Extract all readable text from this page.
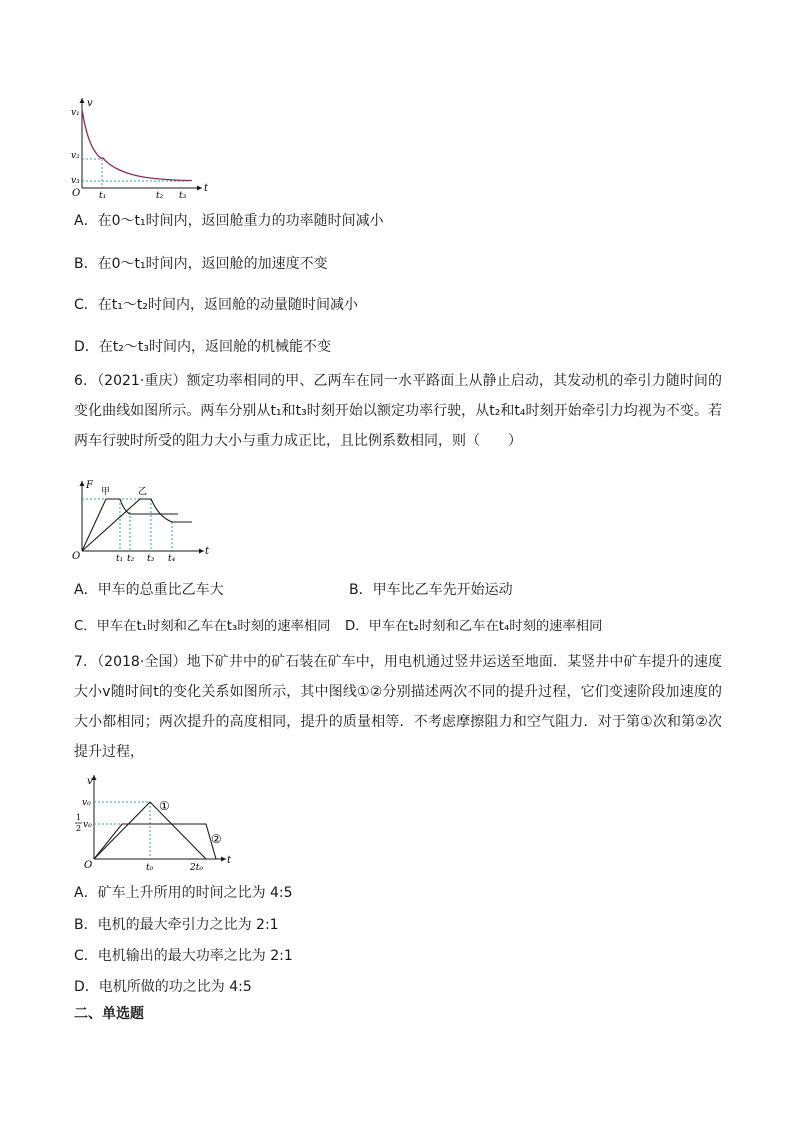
v
t
O
v₁
v₂
v₃
t₁	t₂ t₃
A．在0～t₁时间内，返回舱重力的功率随时间减小
B．在0～t₁时间内，返回舱的加速度不变
C．在t₁～t₂时间内，返回舱的动量随时间减小
D．在t₂～t₃时间内，返回舱的机械能不变
6．（2021·重庆）额定功率相同的甲、乙两车在同一水平路面上从静止启动，其发动机的牵引力随时间的变化曲线如图所示。两车分别从t₁和t₃时刻开始以额定功率行驶，从t₂和t₄时刻开始牵引力均视为不变。若两车行驶时所受的阻力大小与重力成正比，且比例系数相同，则（　　）
F
t
O
甲	乙
t₁ t₂ t₃ t₄
A．甲车的总重比乙车大	B．甲车比乙车先开始运动
C．甲车在t₁时刻和乙车在t₃时刻的速率相同 D．甲车在t₂时刻和乙车在t₄时刻的速率相同
7．（2018·全国）地下矿井中的矿石装在矿车中，用电机通过竖井运送至地面．某竖井中矿车提升的速度大小v随时间t的变化关系如图所示，其中图线①②分别描述两次不同的提升过程，它们变速阶段加速度的大小都相同；两次提升的高度相同，提升的质量相等．不考虑摩擦阻力和空气阻力．对于第①次和第②次提升过程，
v
t
O
v₀
1
2 v₀
①
②
t₀	2t₀
A．矿车上升所用的时间之比为 4:5
B．电机的最大牵引力之比为 2:1
C．电机输出的最大功率之比为 2:1
D．电机所做的功之比为 4:5
二、单选题
